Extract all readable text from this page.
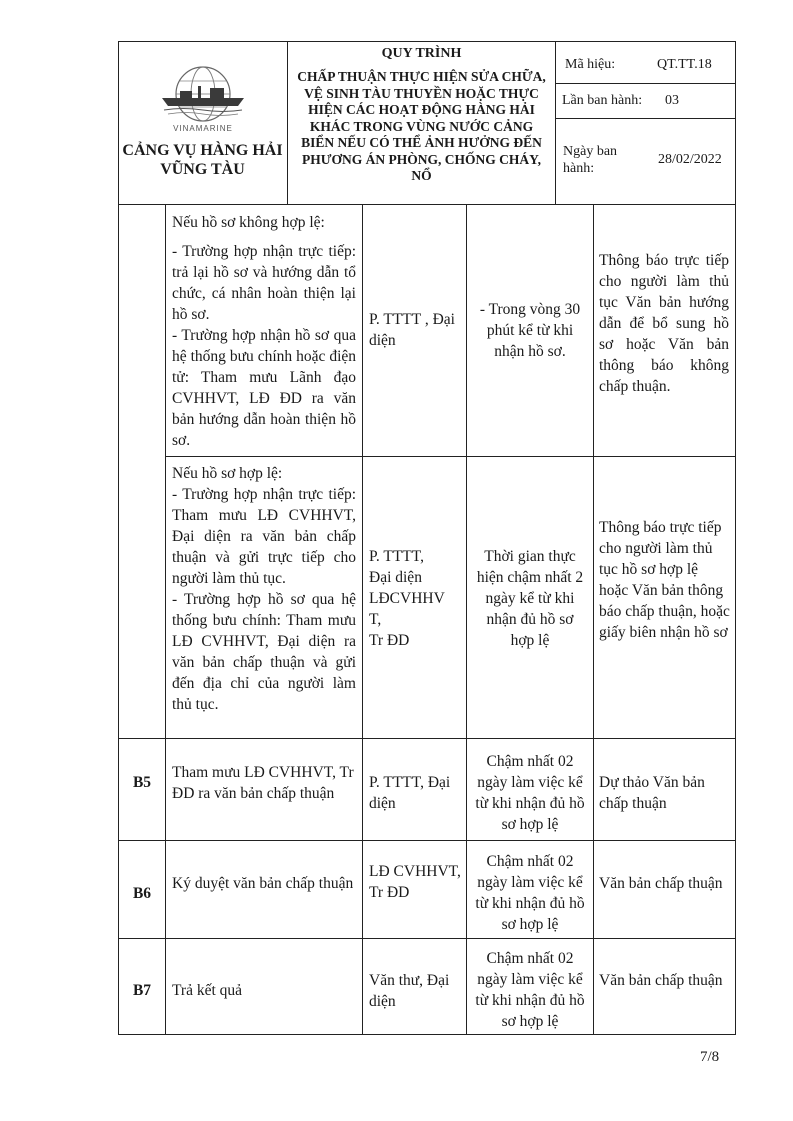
VINAMARINE
CẢNG VỤ HÀNG HẢI
VŨNG TÀU
QUY TRÌNH
CHẤP THUẬN THỰC HIỆN SỬA CHỮA, VỆ SINH TÀU THUYỀN HOẶC THỰC HIỆN CÁC HOẠT ĐỘNG HÀNG HẢI KHÁC TRONG VÙNG NƯỚC CẢNG BIỂN NẾU CÓ THỂ ẢNH HƯỞNG ĐẾN PHƯƠNG ÁN PHÒNG, CHỐNG CHÁY, NỔ
Mã hiệu:	QT.TT.18
Lần ban hành: 03
Ngày ban hành:
28/02/2022

Nếu hồ sơ không hợp lệ:

- Trường hợp nhận trực tiếp: trả lại hồ sơ và hướng dẫn tổ chức, cá nhân hoàn thiện lại hồ sơ.

- Trường hợp nhận hồ sơ qua hệ thống bưu chính hoặc điện tử: Tham mưu Lãnh đạo CVHHVT, LĐ ĐD ra văn bản hướng dẫn hoàn thiện hồ sơ.

P. TTTT , Đại diện
- Trong vòng 30 phút kể từ khi nhận hồ sơ.
Thông báo trực tiếp cho người làm thủ tục Văn bản hướng dẫn để bổ sung hồ sơ hoặc Văn bản thông báo không chấp thuận.

Nếu hồ sơ hợp lệ:

- Trường hợp nhận trực tiếp: Tham mưu LĐ CVHHVT, Đại diện ra văn bản chấp thuận và gửi trực tiếp cho người làm thủ tục.

- Trường hợp hồ sơ qua hệ thống bưu chính: Tham mưu LĐ CVHHVT, Đại diện ra văn bản chấp thuận và gửi đến địa chỉ của người làm thủ tục.

P. TTTT,
Đại diện
LĐCVHHV
T,
Tr ĐD
Thời gian thực hiện chậm nhất 2 ngày kể từ khi nhận đủ hồ sơ hợp lệ
Thông báo trực tiếp cho người làm thủ tục hồ sơ hợp lệ hoặc Văn bản thông báo chấp thuận, hoặc giấy biên nhận hồ sơ
B5
Tham mưu LĐ CVHHVT, Tr ĐD ra văn bản chấp thuận
P. TTTT, Đại diện
Chậm nhất 02 ngày làm việc kể từ khi nhận đủ hồ sơ hợp lệ
Dự thảo Văn bản chấp thuận
B6
Ký duyệt văn bản chấp thuận
LĐ CVHHVT, Tr ĐD
Chậm nhất 02 ngày làm việc kể từ khi nhận đủ hồ sơ hợp lệ
Văn bản chấp thuận
B7	Trả kết quả
Văn thư, Đại diện
Chậm nhất 02 ngày làm việc kể từ khi nhận đủ hồ sơ hợp lệ
Văn bản chấp thuận
7/8
